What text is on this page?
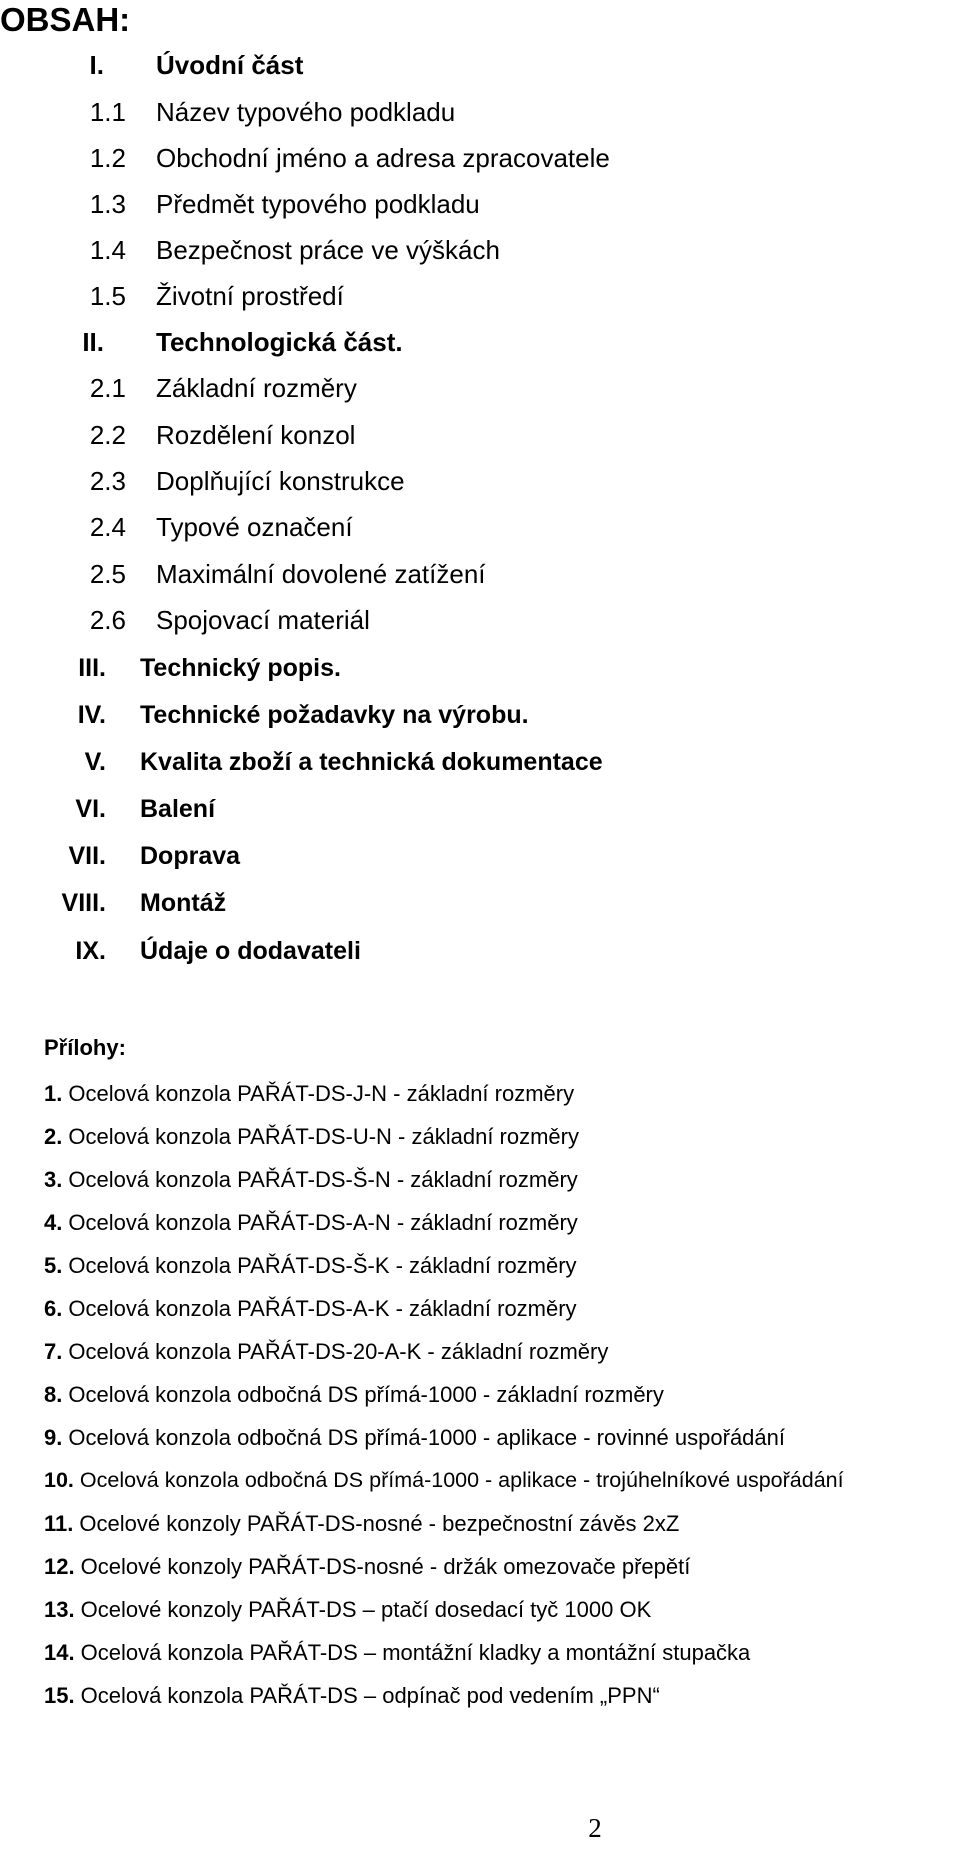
OBSAH:
I. Úvodní část
1.1 Název typového podkladu
1.2 Obchodní jméno a adresa zpracovatele
1.3 Předmět typového podkladu
1.4 Bezpečnost práce ve výškách
1.5 Životní prostředí
II. Technologická část.
2.1 Základní rozměry
2.2 Rozdělení konzol
2.3 Doplňující konstrukce
2.4 Typové označení
2.5 Maximální dovolené zatížení
2.6 Spojovací materiál
III. Technický popis.
IV. Technické požadavky na výrobu.
V. Kvalita zboží a technická dokumentace
VI. Balení
VII. Doprava
VIII. Montáž
IX. Údaje o dodavateli
Přílohy:
1. Ocelová konzola PAŘÁT-DS-J-N - základní rozměry
2. Ocelová konzola PAŘÁT-DS-U-N - základní rozměry
3. Ocelová konzola PAŘÁT-DS-Š-N - základní rozměry
4. Ocelová konzola PAŘÁT-DS-A-N - základní rozměry
5. Ocelová konzola PAŘÁT-DS-Š-K - základní rozměry
6. Ocelová konzola PAŘÁT-DS-A-K - základní rozměry
7. Ocelová konzola PAŘÁT-DS-20-A-K - základní rozměry
8. Ocelová konzola odbočná DS přímá-1000 - základní rozměry
9. Ocelová konzola odbočná DS přímá-1000 - aplikace - rovinné uspořádání
10. Ocelová konzola odbočná DS přímá-1000 - aplikace - trojúhelníkové uspořádání
11. Ocelové konzoly PAŘÁT-DS-nosné - bezpečnostní závěs 2xZ
12. Ocelové konzoly PAŘÁT-DS-nosné - držák omezovače přepětí
13. Ocelové konzoly PAŘÁT-DS – ptačí dosedací tyč 1000 OK
14. Ocelová konzola PAŘÁT-DS – montážní kladky a montážní stupačka
15. Ocelová konzola PAŘÁT-DS – odpínač pod vedením „PPN“
2
